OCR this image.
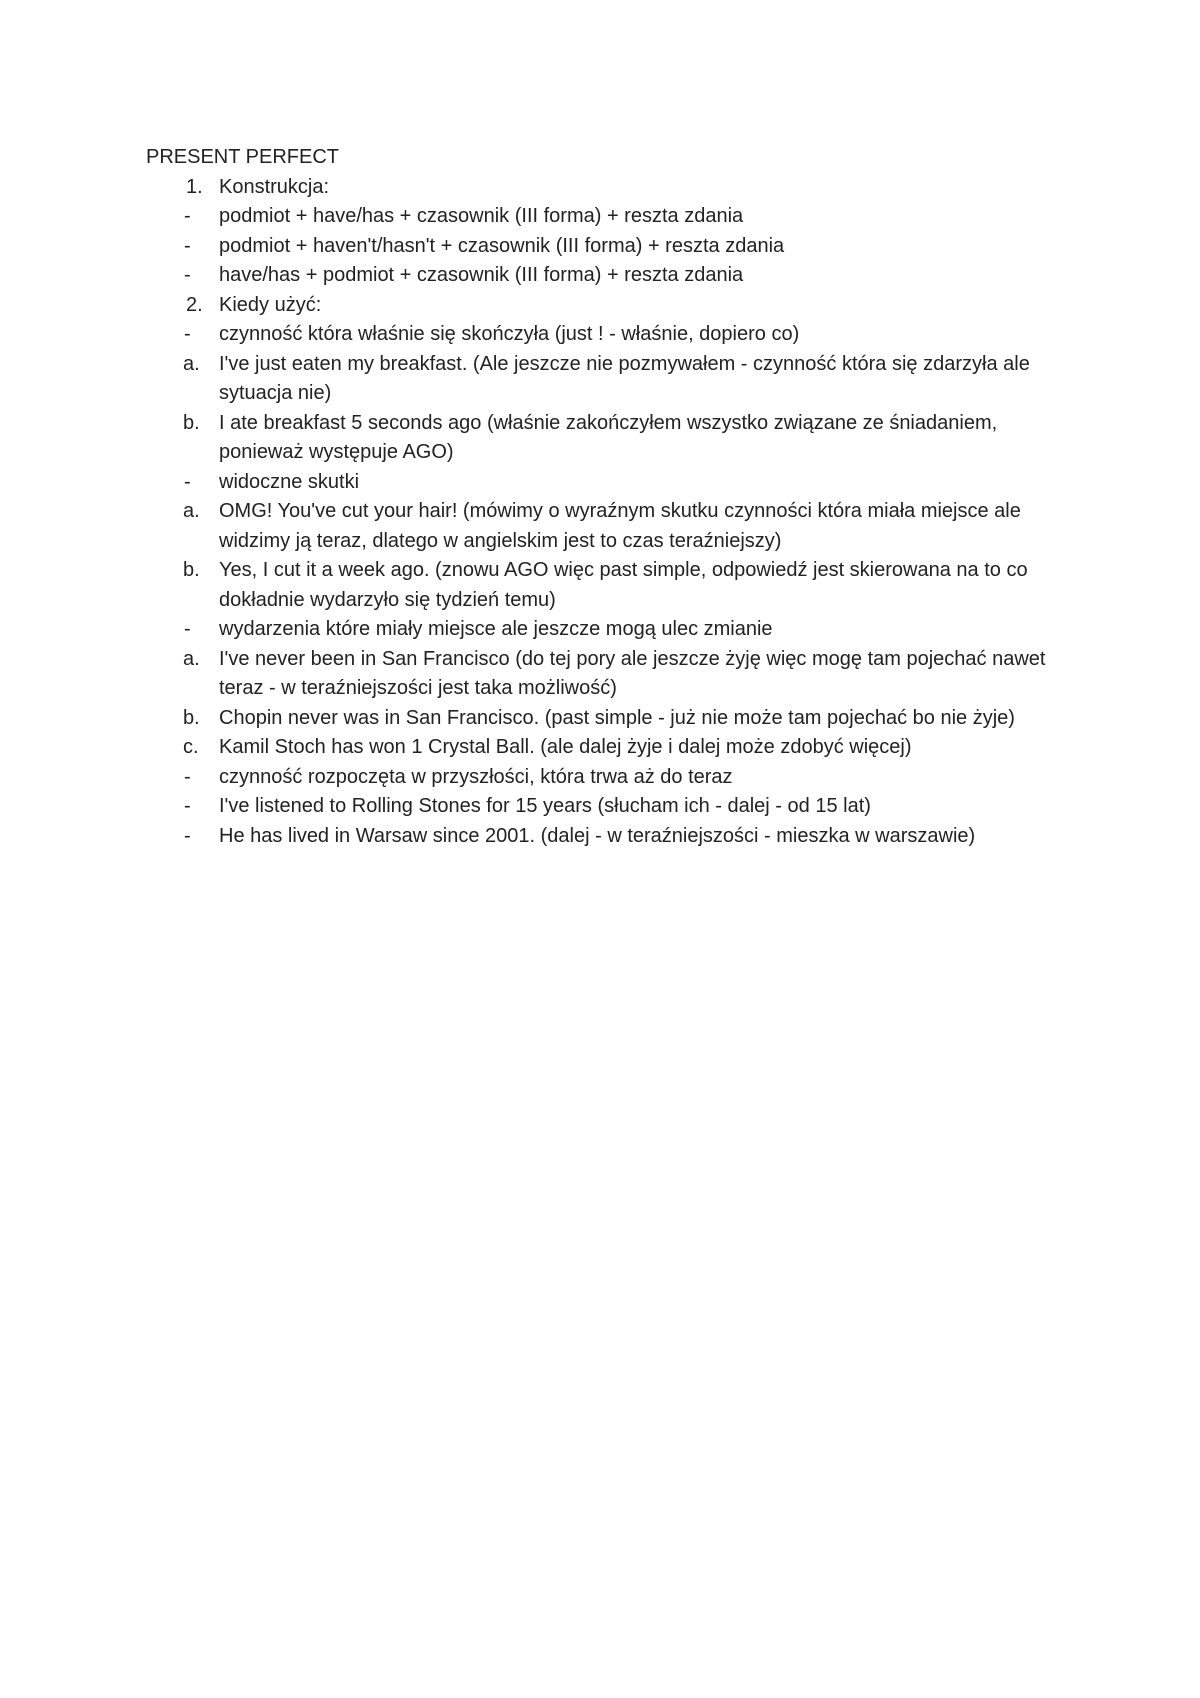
PRESENT PERFECT
1. Konstrukcja:
-	podmiot + have/has + czasownik (III forma) + reszta zdania
-	podmiot + haven't/hasn't + czasownik (III forma) + reszta zdania
-	have/has + podmiot + czasownik (III forma) + reszta zdania
2. Kiedy użyć:
-	czynność która właśnie się skończyła (just ! - właśnie, dopiero co)
a. I've just eaten my breakfast. (Ale jeszcze nie pozmywałem - czynność która się zdarzyła ale sytuacja nie)
b. I ate breakfast 5 seconds ago (właśnie zakończyłem wszystko związane ze śniadaniem, ponieważ występuje AGO)
-	widoczne skutki
a. OMG! You've cut your hair! (mówimy o wyraźnym skutku czynności która miała miejsce ale widzimy ją teraz, dlatego w angielskim jest to czas teraźniejszy)
b. Yes, I cut it a week ago. (znowu AGO więc past simple, odpowiedź jest skierowana na to co dokładnie wydarzyło się tydzień temu)
-	wydarzenia które miały miejsce ale jeszcze mogą ulec zmianie
a. I've never been in San Francisco (do tej pory ale jeszcze żyję więc mogę tam pojechać nawet teraz - w teraźniejszości jest taka możliwość)
b. Chopin never was in San Francisco. (past simple - już nie może tam pojechać bo nie żyje)
c.	Kamil Stoch has won 1 Crystal Ball. (ale dalej żyje i dalej może zdobyć więcej)
-	czynność rozpoczęta w przyszłości, która trwa aż do teraz
-	I've listened to Rolling Stones for 15 years (słucham ich - dalej - od 15 lat)
-	He has lived in Warsaw since 2001. (dalej - w teraźniejszości - mieszka w warszawie)
